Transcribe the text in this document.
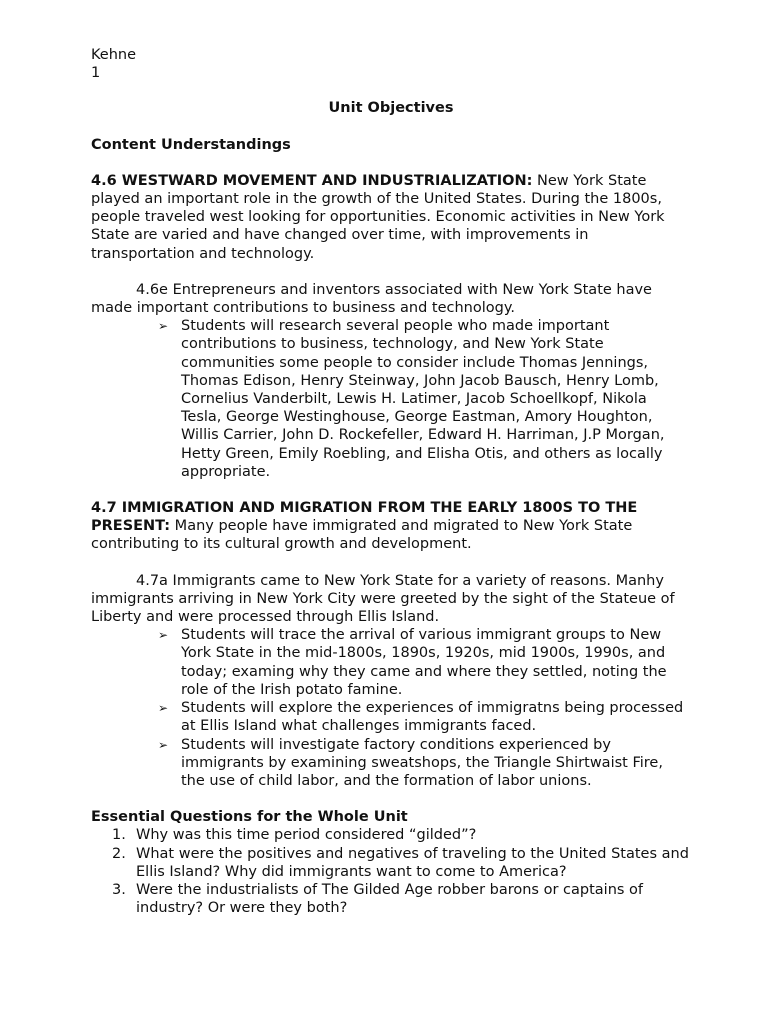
Kehne
1
Unit Objectives
Content Understandings

4.6 WESTWARD MOVEMENT AND INDUSTRIALIZATION: New York State played an important role in the growth of the United States. During the 1800s, people traveled west looking for opportunities. Economic activities in New York State are varied and have changed over time, with improvements in transportation and technology.

4.6e Entrepreneurs and inventors associated with New York State have made important contributions to business and technology.

➢ Students will research several people who made important contributions to business, technology, and New York State communities some people to consider include Thomas Jennings, Thomas Edison, Henry Steinway, John Jacob Bausch, Henry Lomb, Cornelius Vanderbilt, Lewis H. Latimer, Jacob Schoellkopf, Nikola Tesla, George Westinghouse, George Eastman, Amory Houghton, Willis Carrier, John D. Rockefeller, Edward H. Harriman, J.P Morgan, Hetty Green, Emily Roebling, and Elisha Otis, and others as locally appropriate.

4.7 IMMIGRATION AND MIGRATION FROM THE EARLY 1800S TO THE PRESENT: Many people have immigrated and migrated to New York State contributing to its cultural growth and development.

4.7a Immigrants came to New York State for a variety of reasons. Manhy immigrants arriving in New York City were greeted by the sight of the Stateue of Liberty and were processed through Ellis Island.

➢ Students will trace the arrival of various immigrant groups to New York State in the mid-1800s, 1890s, 1920s, mid 1900s, 1990s, and today; examing why they came and where they settled, noting the role of the Irish potato famine.
➢ Students will explore the experiences of immigratns being processed at Ellis Island what challenges immigrants faced.
➢ Students will investigate factory conditions experienced by immigrants by examining sweatshops, the Triangle Shirtwaist Fire, the use of child labor, and the formation of labor unions.
Essential Questions for the Whole Unit
1. Why was this time period considered “gilded”?
2. What were the positives and negatives of traveling to the United States and Ellis Island? Why did immigrants want to come to America?
3. Were the industrialists of The Gilded Age robber barons or captains of industry? Or were they both?
